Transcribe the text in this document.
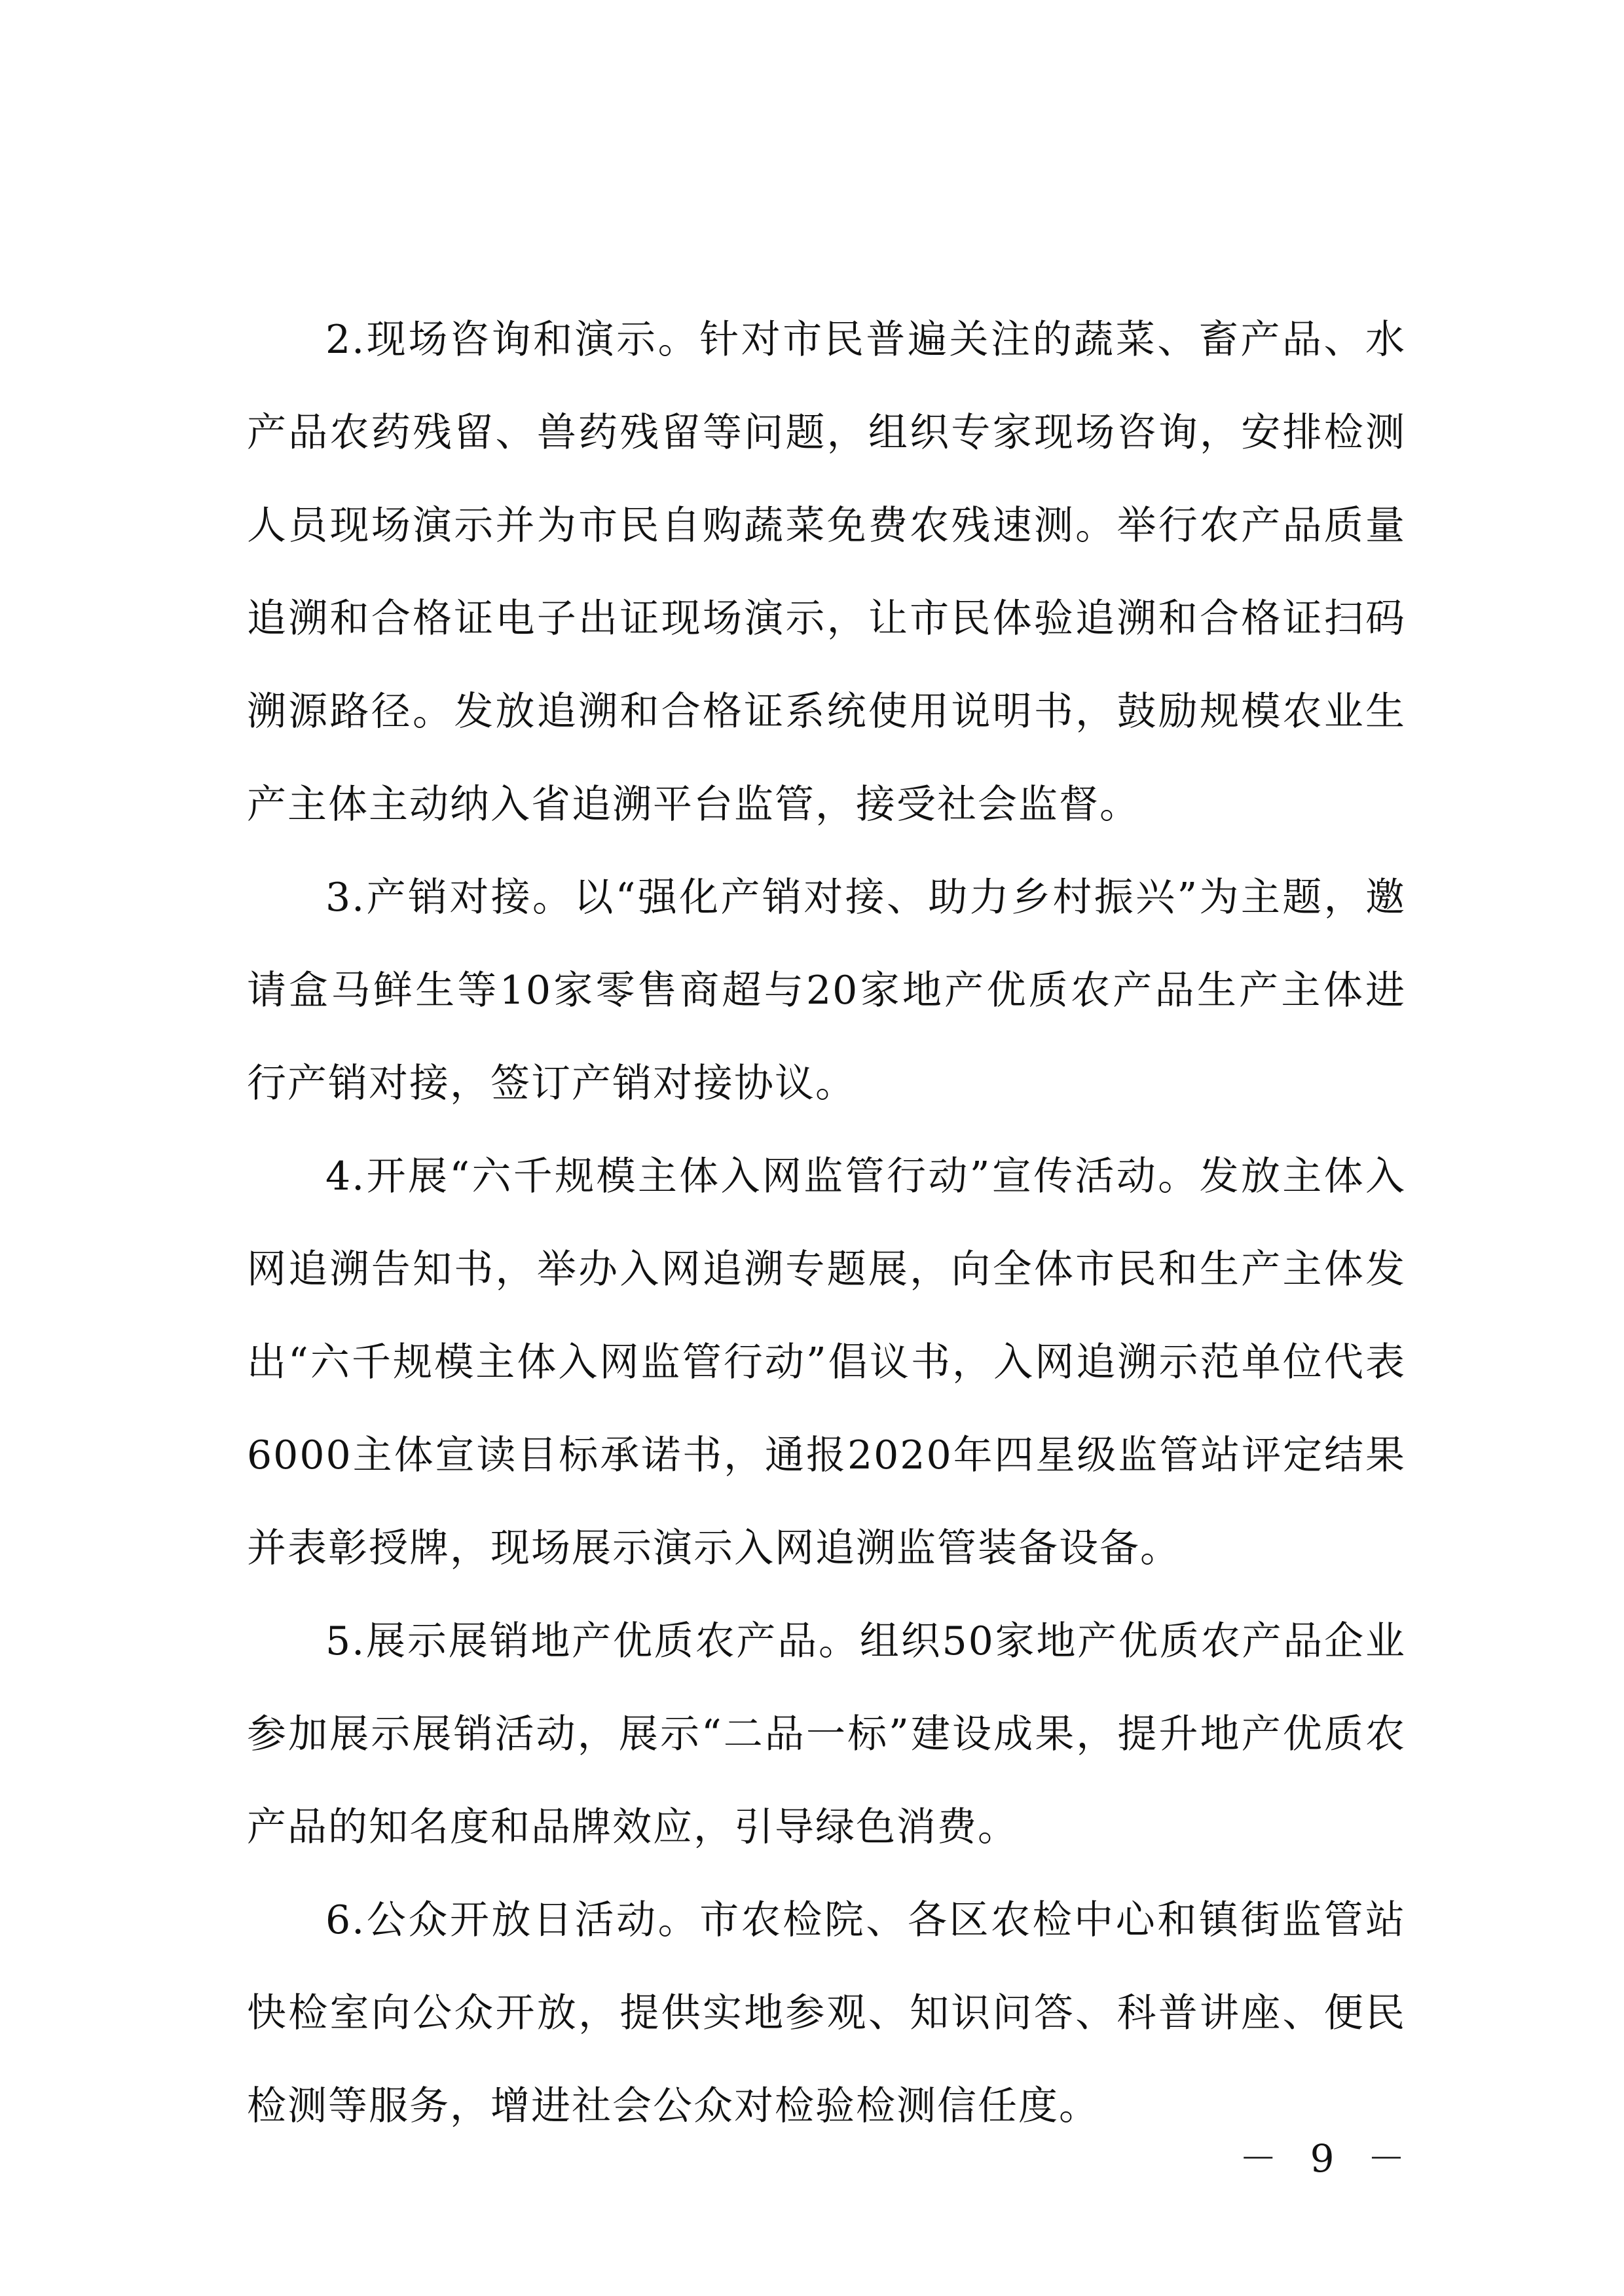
2.现场咨询和演示。针对市民普遍关注的蔬菜、畜产品、水产品农药残留、兽药残留等问题，组织专家现场咨询，安排检测人员现场演示并为市民自购蔬菜免费农残速测。举行农产品质量追溯和合格证电子出证现场演示，让市民体验追溯和合格证扫码溯源路径。发放追溯和合格证系统使用说明书，鼓励规模农业生产主体主动纳入省追溯平台监管，接受社会监督。

3.产销对接。以“强化产销对接、助力乡村振兴”为主题，邀请盒马鲜生等10家零售商超与20家地产优质农产品生产主体进行产销对接，签订产销对接协议。

4.开展“六千规模主体入网监管行动”宣传活动。发放主体入网追溯告知书，举办入网追溯专题展，向全体市民和生产主体发出“六千规模主体入网监管行动”倡议书，入网追溯示范单位代表6000主体宣读目标承诺书，通报2020年四星级监管站评定结果并表彰授牌，现场展示演示入网追溯监管装备设备。

5.展示展销地产优质农产品。组织50家地产优质农产品企业参加展示展销活动，展示“二品一标”建设成果，提升地产优质农产品的知名度和品牌效应，引导绿色消费。

6.公众开放日活动。市农检院、各区农检中心和镇街监管站快检室向公众开放，提供实地参观、知识问答、科普讲座、便民检测等服务，增进社会公众对检验检测信任度。

－ 9 －
